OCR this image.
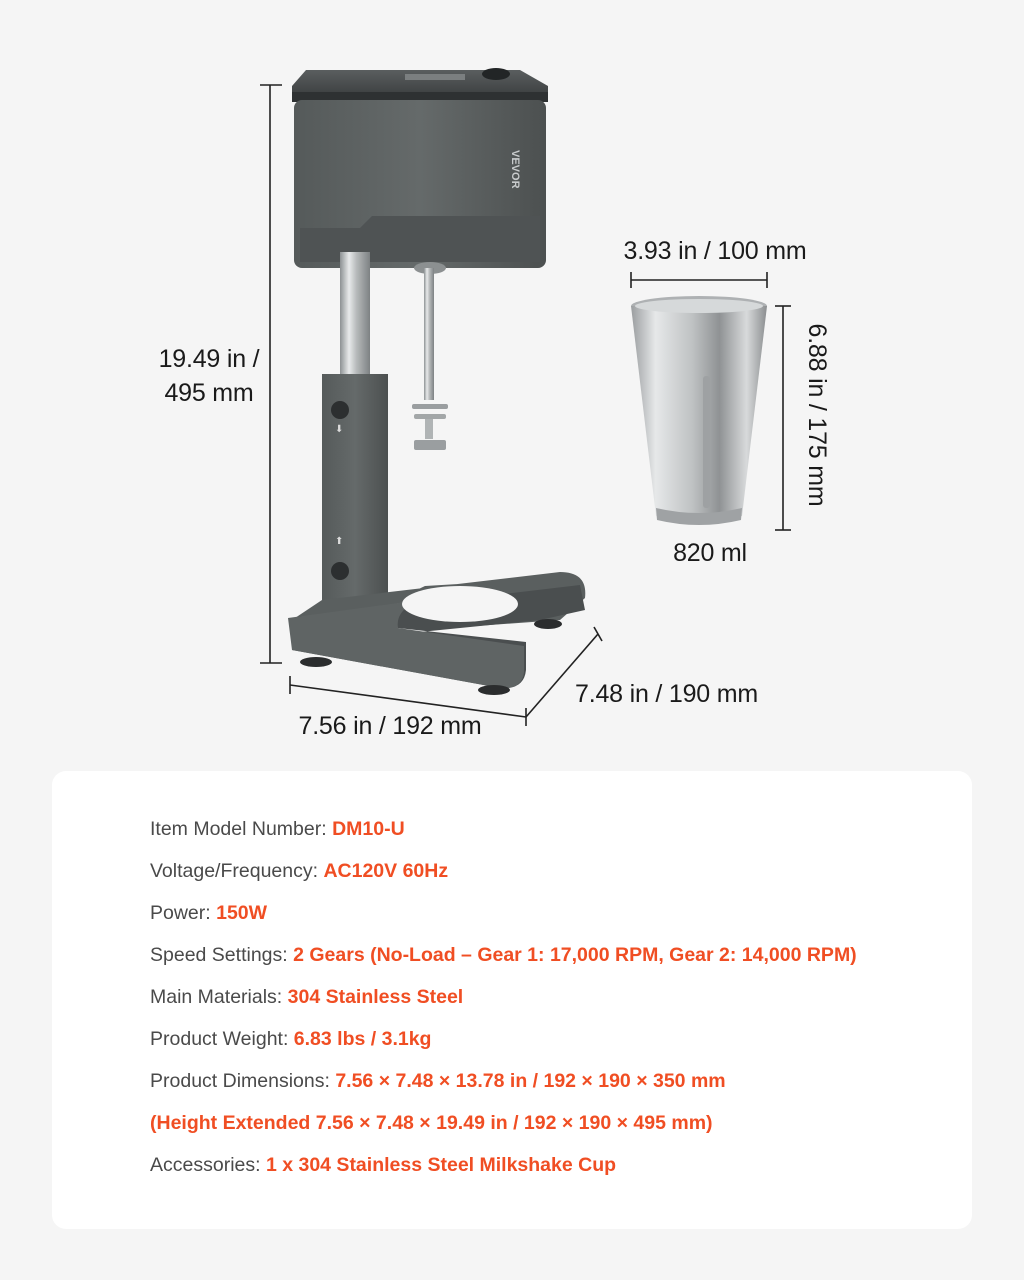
VEVOR
⬇
⬆
19.49 in /
495 mm
3.93 in / 100 mm
6.88 in / 175 mm
820 ml
7.48 in / 190 mm
7.56 in / 192 mm
Item Model Number: DM10-U
Voltage/Frequency: AC120V 60Hz
Power: 150W
Speed Settings: 2 Gears (No-Load – Gear 1: 17,000 RPM, Gear 2: 14,000 RPM)
Main Materials: 304 Stainless Steel
Product Weight: 6.83 lbs / 3.1kg
Product Dimensions: 7.56 × 7.48 × 13.78 in / 192 × 190 × 350 mm
(Height Extended 7.56 × 7.48 × 19.49 in / 192 × 190 × 495 mm)
Accessories: 1 x 304 Stainless Steel Milkshake Cup
